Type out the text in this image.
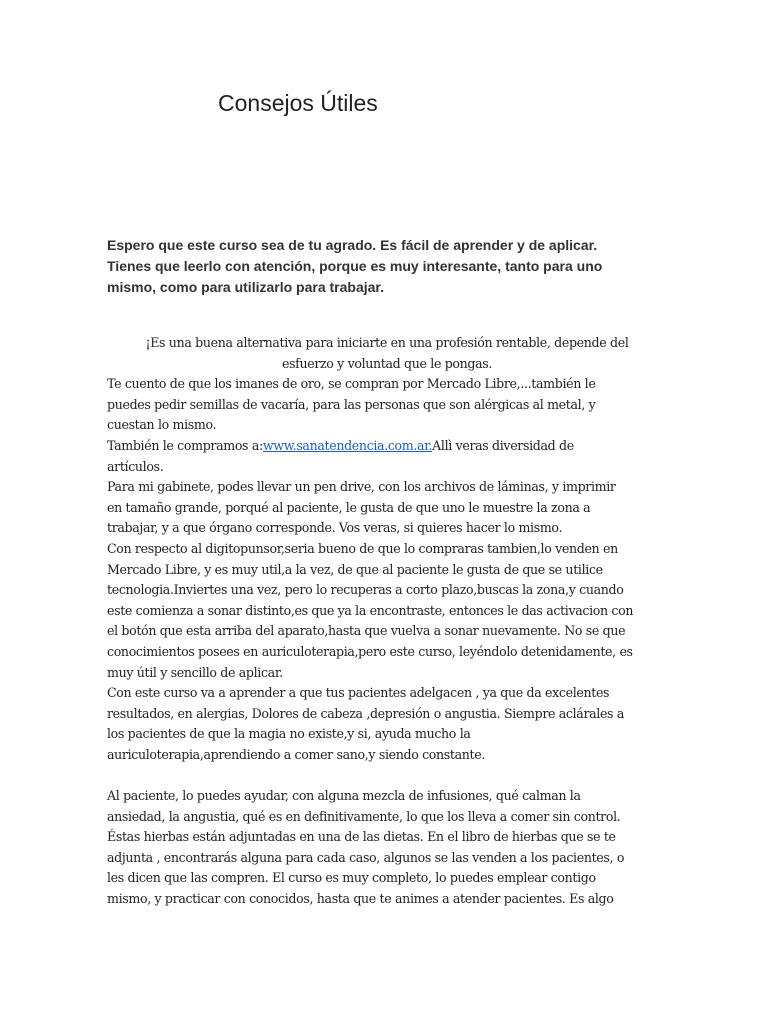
Consejos Útiles
Espero que este curso sea de tu agrado. Es fácil de aprender y de aplicar.
Tienes que leerlo con atención, porque es muy interesante, tanto para uno
mismo, como para utilizarlo para trabajar.
¡Es una buena alternativa para iniciarte en una profesión rentable, depende del
esfuerzo y voluntad que le pongas.
Te cuento de que los imanes de oro, se compran por Mercado Libre,...también le
puedes pedir semillas de vacaría, para las personas que son alérgicas al metal, y
cuestan lo mismo.
También le compramos a:www.sanatendencia.com.ar.Allì veras diversidad de
artículos.
Para mi gabinete, podes llevar un pen drive, con los archivos de láminas, y imprimir
en tamaño grande, porqué al paciente, le gusta de que uno le muestre la zona a
trabajar, y a que órgano corresponde. Vos veras, si quieres hacer lo mismo.
Con respecto al digitopunsor,seria bueno de que lo compraras tambien,lo venden en
Mercado Libre, y es muy util,a la vez, de que al paciente le gusta de que se utilice
tecnologia.Inviertes una vez, pero lo recuperas a corto plazo,buscas la zona,y cuando
este comienza a sonar distinto,es que ya la encontraste, entonces le das activacion con
el botón que esta arriba del aparato,hasta que vuelva a sonar nuevamente. No se que
conocimientos posees en auriculoterapia,pero este curso, leyéndolo detenidamente, es
muy útil y sencillo de aplicar.
Con este curso va a aprender a que tus pacientes adelgacen , ya que da excelentes
resultados, en alergias, Dolores de cabeza ,depresión o angustia. Siempre aclárales a
los pacientes de que la magia no existe,y si, ayuda mucho la
auriculoterapia,aprendiendo a comer sano,y siendo constante.
Al paciente, lo puedes ayudar, con alguna mezcla de infusiones, qué calman la
ansiedad, la angustia, qué es en definitivamente, lo que los lleva a comer sin control.
Éstas hierbas están adjuntadas en una de las dietas. En el libro de hierbas que se te
adjunta , encontrarás alguna para cada caso, algunos se las venden a los pacientes, o
les dicen que las compren. El curso es muy completo, lo puedes emplear contigo
mismo, y practicar con conocidos, hasta que te animes a atender pacientes. Es algo
